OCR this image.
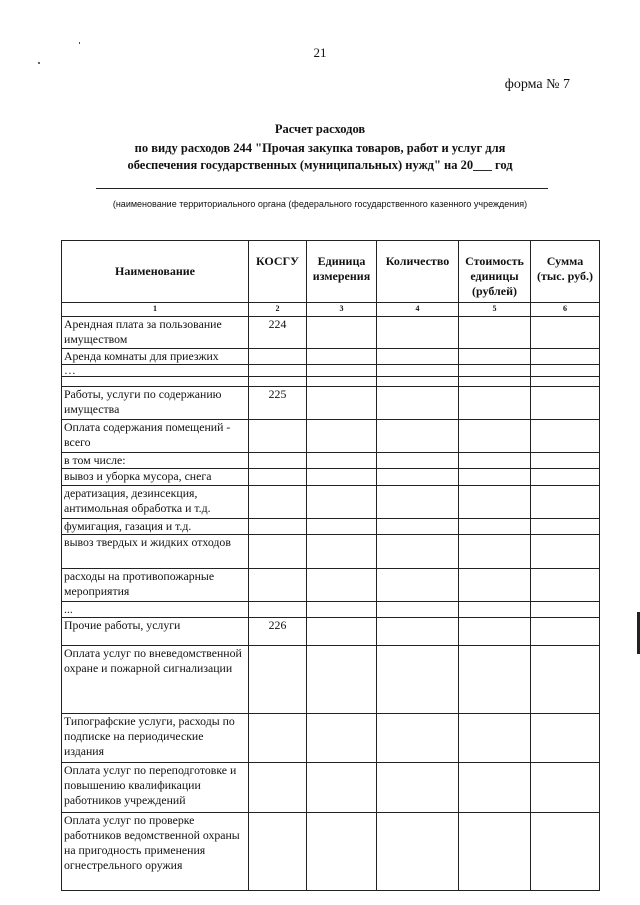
21
форма № 7
Расчет расходов
по виду расходов 244 "Прочая закупка товаров, работ и услуг для
обеспечения государственных (муниципальных) нужд" на 20___ год
(наименование территориального органа (федерального государственного казенного учреждения)
Наименование	КОСГУ	Единица измерения	Количество	Стоимость единицы (рублей)	Сумма (тыс. руб.)
1	2	3	4	5	6
Арендная плата за пользование имуществом	224				
Аренда комнаты для приезжих					
…					

Работы, услуги по содержанию имущества	225				
Оплата содержания помещений - всего					
в том числе:					
вывоз и уборка мусора, снега					
дератизация, дезинсекция, антимольная обработка и т.д.					
фумигация, газация и т.д.					
вывоз твердых и жидких отходов					
расходы на противопожарные мероприятия					
...					
Прочие работы, услуги	226				
Оплата услуг по вневедомственной охране и пожарной сигнализации					
Типографские услуги, расходы по подписке на периодические издания					
Оплата услуг по переподготовке и повышению квалификации работников учреждений					
Оплата услуг по проверке работников ведомственной охраны на пригодность применения огнестрельного оружия					
